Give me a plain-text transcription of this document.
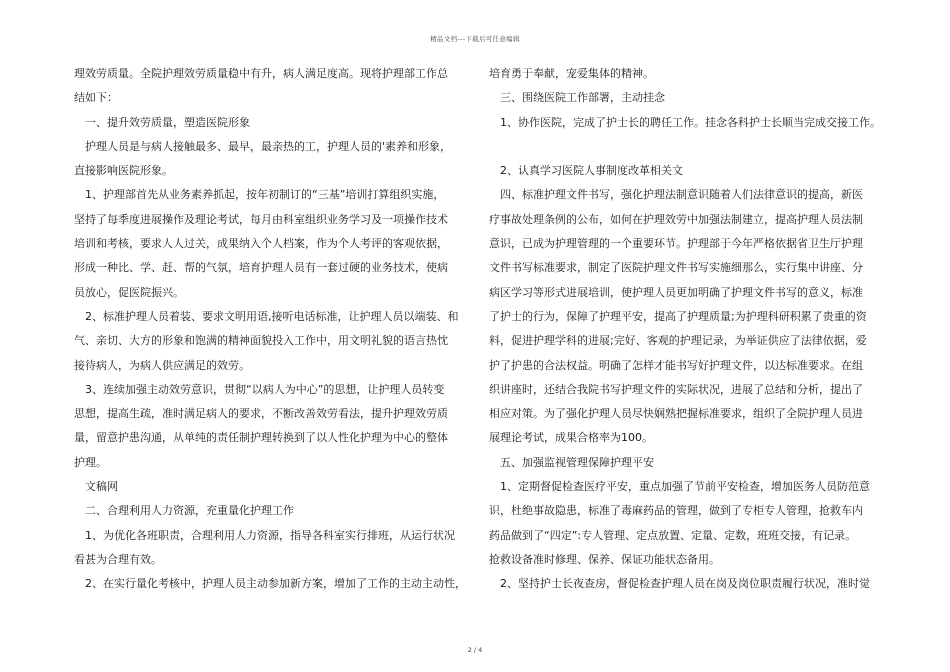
精品文档---下载后可任意编辑
理效劳质量。全院护理效劳质量稳中有升，病人满足度高。现将护理部工作总
结如下：
一、提升效劳质量，塑造医院形象
护理人员是与病人接触最多、最早，最亲热的工，护理人员的'素养和形象，
直接影响医院形象。
1、护理部首先从业务素养抓起，按年初制订的“三基”培训打算组织实施，
坚持了每季度进展操作及理论考试，每月由科室组织业务学习及一项操作技术
培训和考核，要求人人过关，成果纳入个人档案，作为个人考评的客观依据，
形成一种比、学、赶、帮的气氛，培育护理人员有一套过硬的业务技术，使病
员放心，促医院振兴。
2、标准护理人员着装、要求文明用语,接听电话标准，让护理人员以端装、和
气、亲切、大方的形象和饱满的精神面貌投入工作中，用文明礼貌的语言热忱
接待病人，为病人供应满足的效劳。
3、连续加强主动效劳意识，贯彻“以病人为中心”的思想，让护理人员转变
思想，提高生疏，准时满足病人的要求，不断改善效劳看法，提升护理效劳质
量，留意护患沟通，从单纯的责任制护理转换到了以人性化护理为中心的整体
护理。
文稿网
二、合理利用人力资源，充重量化护理工作
1、为优化各班职责，合理利用人力资源，指导各科室实行排班，从运行状况
看甚为合理有效。
2、在实行量化考核中，护理人员主动参加新方案，增加了工作的主动主动性，
培育勇于奉献，宠爱集体的精神。
三、围绕医院工作部署，主动挂念
1、协作医院，完成了护士长的聘任工作。挂念各科护士长顺当完成交接工作。
2、认真学习医院人事制度改革相关文
四、标准护理文件书写，强化护理法制意识随着人们法律意识的提高，新医
疗事故处理条例的公布，如何在护理效劳中加强法制建立，提高护理人员法制
意识，已成为护理管理的一个重要环节。护理部于今年严格依据省卫生厅护理
文件书写标准要求，制定了医院护理文件书写实施细那么，实行集中讲座、分
病区学习等形式进展培训，使护理人员更加明确了护理文件书写的意义，标准
了护士的行为，保障了护理平安，提高了护理质量;为护理科研积累了贵重的资
料，促进护理学科的进展;完好、客观的护理记录，为举证供应了法律依据，爱
护了护患的合法权益。明确了怎样才能书写好护理文件，以达标准要求。在组
织讲座时，还结合我院书写护理文件的实际状况，进展了总结和分析，提出了
相应对策。为了强化护理人员尽快娴熟把握标准要求，组织了全院护理人员进
展理论考试，成果合格率为100。
五、加强监视管理保障护理平安
1、定期督促检查医疗平安，重点加强了节前平安检查，增加医务人员防范意
识，杜绝事故隐患，标准了毒麻药品的管理，做到了专柜专人管理，抢救车内
药品做到了“四定”:专人管理、定点放置、定量、定数，班班交接，有记录。
抢救设备准时修理、保养、保证功能状态备用。
2、坚持护士长夜查房，督促检查护理人员在岗及岗位职责履行状况，准时觉
2 / 4
